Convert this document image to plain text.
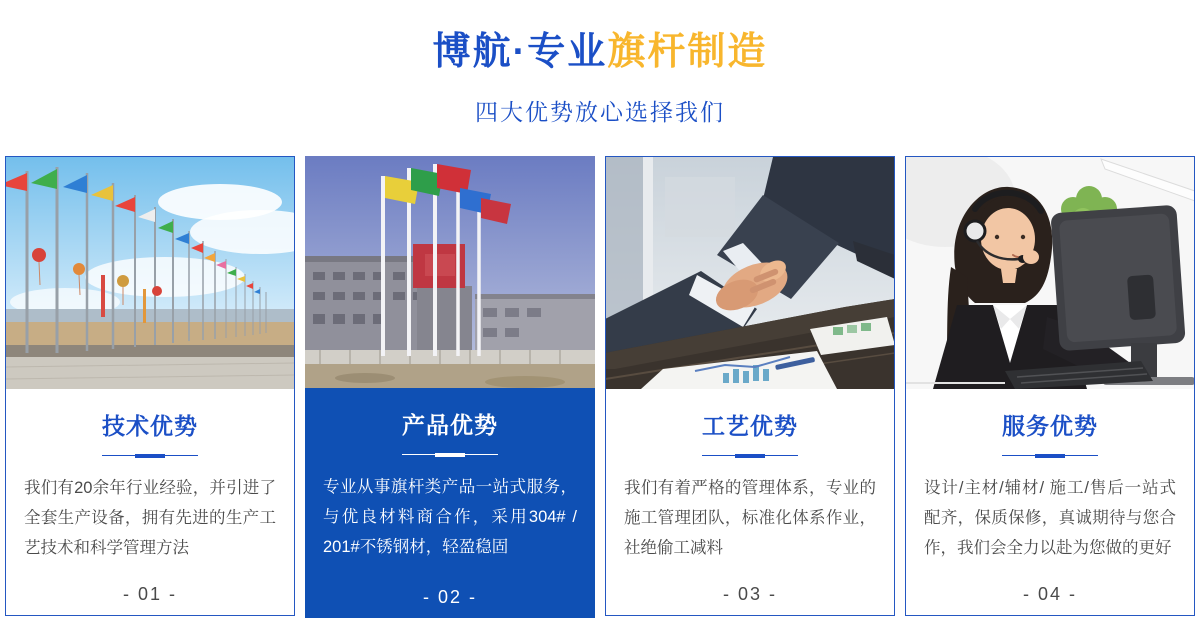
博航·专业旗杆制造
四大优势放心选择我们
技术优势

我们有20余年行业经验，并引进了全套生产设备，拥有先进的生产工艺技术和科学管理方法

- 01 -
产品优势

专业从事旗杆类产品一站式服务，与优良材料商合作，采用304# / 201#不锈钢材，轻盈稳固

- 02 -
工艺优势

我们有着严格的管理体系，专业的施工管理团队，标准化体系作业，社绝偷工减料

- 03 -
服务优势

设计/主材/辅材/ 施工/售后一站式配齐，保质保修，真诚期待与您合作，我们会全力以赴为您做的更好

- 04 -
